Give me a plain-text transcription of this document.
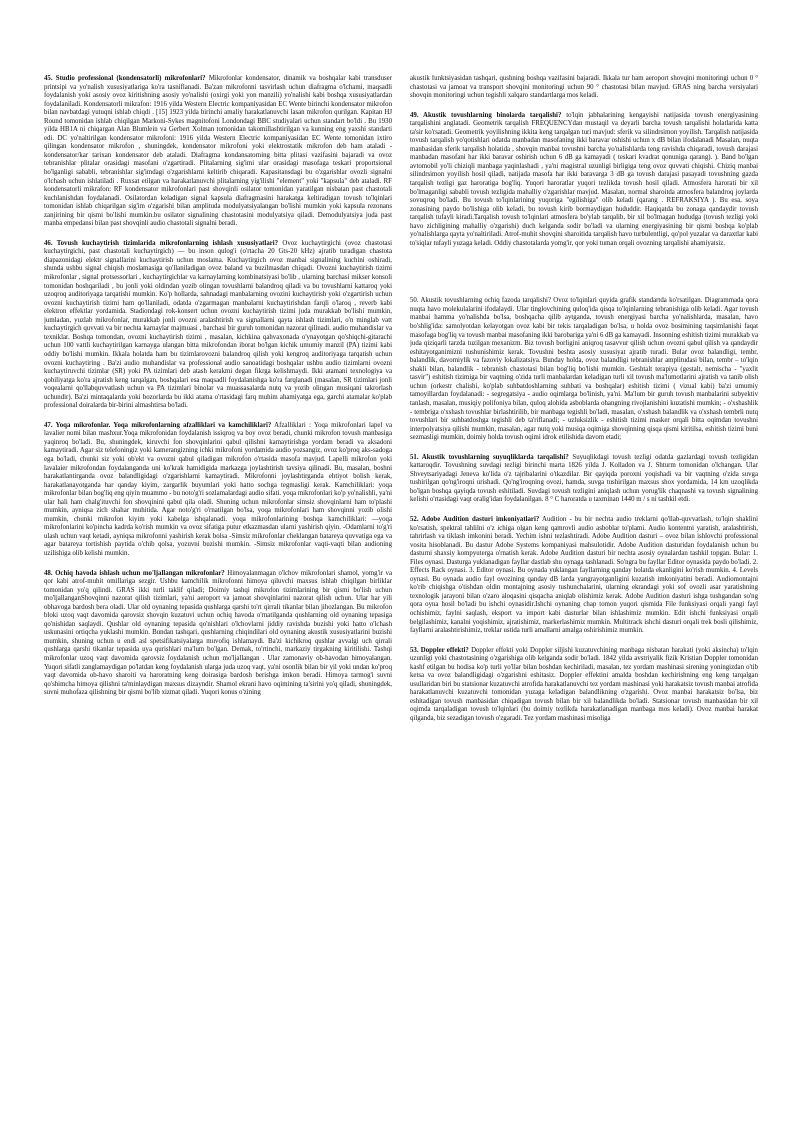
45. Studio professional (kondensatorli) mikrofonlari? Mikrofonlar kondensator, dinamik va boshqalar kabi transduser printsipi va yo'nalish xususiyatlariga ko'ra tasniflanadi. Ba'zan mikrofonni tasvirlash uchun diafragma o'lchami, maqsadli foydalanish yoki asosiy ovoz kiritishning asosiy yo'nalishi (oxirgi yoki yon manzili) yo'nalishi kabi boshqa xususiyatlardan foydalaniladi. Kondensatorli mikrafon: 1916 yilda Western Electric kompaniyasidan EC Wente birinchi kondensator mikrofon bilan navbatdagi yutuqni ishlab chiqdi . [15] 1923 yilda birinchi amaliy harakatlanuvchi lasan mikrofon qurilgan. Kapitan HJ Round tomonidan ishlab chiqilgan Markoni-Sykes magnitofoni Londondagi BBC studiyalari uchun standart bo'ldi . Bu 1930 yilda HB1A ni chiqargan Alan Blumlein va Gerbert Xolman tomonidan takomillashtirilgan va kunning eng yaxshi standarti edi. DC yo'naltirilgan kondensator mikrofoni: 1916 yilda Western Electric kompaniyasidan EC Wente tomonidan ixtiro qilingan kondensator mikrofon , shuningdek, kondensator mikrofoni yoki elektrostatik mikrofon deb ham ataladi - kondensator/kar tarixan kondensator deb ataladi. Diafragma kondansatorning bitta plitasi vazifasini bajaradi va ovoz tebranishlar plitalar orasidagi masofani o'zgartiradi. Plitalarning sig'imi ular orasidagi masofaga teskari proportsional bo'lganligi sababli, tebranishlar sig'imdagi o'zgarishlarni keltirib chiqaradi. Kapasitansdagi bu o'zgarishlar ovozli signalni o'lchash uchun ishlatiladi . Ruxsat etilgan va harakatlanuvchi plitalarning yig'ilishi "element" yoki "kapsula" deb ataladi. RF kondensatorli mikrafon: RF kondensator mikrofonlari past shovqinli osilator tomonidan yaratilgan nisbatan past chastotali kuchlanishdan foydalanadi. Osilatordan keladigan signal kapsula diafragmasini harakatga keltiradigan tovush to'lqinlari tomonidan ishlab chiqarilgan sig'im o'zgarishi bilan amplituda modulyatsiyalangan bo'lishi mumkin yoki kapsula rezonans zanjirining bir qismi bo'lishi mumkin.bu osilator signalining chastotasini modulyatsiya qiladi. Demodulyatsiya juda past manba empedansi bilan past shovqinli audio chastotali signalni beradi.

46. Tovush kuchaytirish tizimlarida mikrofonlarning ishlash xususiyatlari? Ovoz kuchaytirgichi (ovoz chastotasi kuchaytirgichi, past chastotali kuchaytirgich) — bu inson qulog'i (o'rtacha 20 Gts-20 kHz) ajratib turadigan chastota diapazonidagi elektr signallarini kuchaytirish uchun moslama. Kuchaytirgich ovoz manbai signalining kuchini oshiradi, shunda ushbu signal chiqish moslamasiga qo'llaniladigan ovoz baland va buzilmasdan chiqadi. Ovozni kuchaytirish tizimi mikrofonlar , signal protsessorlari , kuchaytirgichlar va karnaylarning kombinatsiyasi bo'lib , ularning barchasi mikser konsoli tomonidan boshqariladi , bu jonli yoki oldindan yozib olingan tovushlarni balandroq qiladi va bu tovushlarni kattaroq yoki uzoqroq auditoriyaga tarqatishi mumkin. Ko'p hollarda, sahnadagi manbalarning ovozini kuchaytirish yoki o'zgartirish uchun ovozni kuchaytirish tizimi ham qo'llaniladi, odatda o'zgarmagan manbalarni kuchaytirishdan farqli o'laroq , reverb kabi elektron effektlar yordamida. Stadiondagi rok-konsert uchun ovozni kuchaytirish tizimi juda murakkab bo'lishi mumkin, jumladan, yuzlab mikrofonlar, murakkab jonli ovozni aralashtirish va signallarni qayta ishlash tizimlari, o'n minglab vatt kuchaytirgich quvvati va bir nechta karnaylar majmuasi , barchasi bir guruh tomonidan nazorat qilinadi. audio muhandislar va texniklar. Boshqa tomondan, ovozni kuchaytirish tizimi , masalan, kichkina qahvaxonada o'ynayotgan qo'shiqchi-gitarachi uchun 100 vattli kuchaytirilgan karnayga ulangan bitta mikrofondan iborat bo'lgan kichik umumiy manzil (PA) tizimi kabi oddiy bo'lishi mumkin. Ikkala holatda ham bu tizimlarovozni balandroq qilish yoki kengroq auditoriyaga tarqatish uchun ovozni kuchaytiring . Ba'zi audio muhandislar va professional audio sanoatidagi boshqalar ushbu audio tizimlarni ovozni kuchaytiruvchi tizimlar (SR) yoki PA tizimlari deb atash kerakmi degan fikrga kelishmaydi. Ikki atamani texnologiya va qobiliyatga ko'ra ajratish keng tarqalgan, boshqalari esa maqsadli foydalanishga ko'ra farqlanadi (masalan, SR tizimlari jonli voqealarni qo'llabquvvatlash uchun va PA tizimlari binolar va muassasalarda nutq va yozib olingan musiqani takrorlash uchundir). Ba'zi mintaqalarda yoki bozorlarda bu ikki atama o'rtasidagi farq muhim ahamiyatga ega, garchi atamalar ko'plab professional doiralarda bir-birini almashtirsa bo'ladi.

47. Yoqa mikrofonlar. Yoqa mikrofonlarning afzalliklari va kamchiliklari? Afzalliklari : Yoqa mikrofonlari lapel va lavalier nomi bilan mashxur.Yoqa mikrofonidan foydalanish issiqroq va boy ovoz beradi, chunki mikrofon tovush manbasiga yaqinroq bo'ladi. Bu, shuningdek, kiruvchi fon shovqinlarini qabul qilishni kamaytirishga yordam beradi va aksadoni kamaytiradi. Agar siz telefoningiz yoki kamerangizning ichki mikrofoni yordamida audio yozsangiz, ovoz ko'proq aks-sadoga ega bo'ladi, chunki siz yoki ob'ekt va ovozni qabul qiladigan mikrofon o'rtasida masofa mavjud. Lapelli mikrofon yoki lavalaier mikrofondan foydalanganda uni ko'krak hamidigida markazga joylashtirish tavsiya qilinadi. Bu, masalan, boshni harakatlantirganda ovoz balandligidagi o'zgarishlarni kamaytiradi. Mikrofonni joylashtirganda ehtiyot bolish kerak, harakatlanayotganda har qanday kiyim, zargarlik buyumlari yoki hatto sochga tegmasligi kerak. Kamchiliklari: yoqa mikrofonlar bilan bog'liq eng qiyin muammo - bu noto'g'ri sozlamalardagi audio sifati. yoqa mikrofonlari ko'p yo'nalishli, ya'ni ular hali ham chalg'ituvchi fon shovqinini qabul qila oladi. Shuning uchun mikrofonlar simsiz shovqinlarni ham to'plashi mumkin, ayniqsa zich shahar muhitida. Agar noto'g'ri o'rnatilgan bo'lsa, yoqa mikrofonlari ham shovqinni yozib olishi mumkin, chunki mikrofon kiyim yoki kabelga ishqalanadi. yoqa mikrofonlarining boshqa kamchiliklari: —yoqa mikrofonlarini ko'pincha kadrda ko'rish mumkin va ovoz sifatiga putur etkazmasdan ularni yashirish qiyin. -Odamlarni to'g'ri ulash uchun vaqt ketadi, ayniqsa mikrofonni yashirish kerak bolsa -Simsiz mikrofonlar cheklangan batareya quvvatiga ega va agar batareya tortishish paytida o'chib qolsa, yozuvni buzishi mumkin. -Simsiz mikrofonlar vaqti-vaqti bilan audioning uzilishiga olib kelishi mumkin.

48. Ochiq havoda ishlash uchun mo'ljallangan mikrofonlar? Himoyalanmagan o'lchov mikrofonlari shamol, yomg'ir va qor kabi atrof-muhit omillariga sezgir. Ushbu kamchilik mikrofonni himoya qiluvchi maxsus ishlab chiqilgan birliklar tomonidan yo'q qilindi. GRAS ikki turli taklif qiladi; Doimiy tashqi mikrofon tizimlarining bir qismi bo'lish uchun mo'ljallanganShovqinni nazorat qilish tizimlari, ya'ni aeroport va jamoat shovqinlarini nazorat qilish uchun. Ular har yili obhavoga bardosh bera oladi. Ular old oynaning tepasida qushlarga qarshi to'rt qirrali tikanlar bilan jihozlangan. Bu mikrofon bloki uzoq vaqt davomida qarovsiz shovqin kuzatuvi uchun ochiq havoda o'rnatilganda qushlarning old oynaning tepasiga qo'nishidan saqlaydi. Qushlar old oynaning tepasida qo'nishlari o'lchovlarni jiddiy ravishda buzishi yoki hatto o'lchash uskunasini ortiqcha yuklashi mumkin. Bundan tashqari, qushlarning chiqindilari old oynaning akustik xususiyatlarini buzishi mumkin, shuning uchun u endi asl spetsifikatsiyalarga muvofiq ishlamaydi. Ba'zi kichikroq qushlar avvalgi uch qirrali qushlarga qarshi tikanlar tepasida uya qurishlari ma'lum bo'lgan. Demak, to'rtinchi, markaziy tirgakning kiritilishi. Tashqi mikrofonlar uzoq vaqt davomida qarovsiz foydalanish uchun mo'ljallangan . Ular zamonaviy ob-havodan himoyalangan. Yuqori sifatli zanglamaydigan po'latdan keng foydalanish ularga juda uzoq vaqt, ya'ni osonlik bilan bir yil yoki undan ko'proq vaqt davomida ob-havo sharoiti va haroratning keng doirasiga bardosh berishga imkon beradi. Himoya tarmog'i suvni qo'shimcha himoya qilishni ta'minlaydigan maxsus dizayndir. Shamol ekrani havo oqimining ta'sirini yo'q qiladi, shuningdek, suvni muhofaza qilishning bir qismi bo'lib xizmat qiladi. Yuqori konus o'zining

akustik funktsiyasidan tashqari, qushning boshqa vazifasini bajaradi. Ikkala tur ham aeroport shovqini monitoringi uchun 0 ° chastotasi va jamoat va transport shovqini monitoringi uchun 90 ° chastotasi bilan mavjud. GRAS ning barcha versiyalari shovqin monitoringi uchun tegishli xalqaro standartlarga mos keladi.

49. Akustik tovushlarning binolarda tarqalishi? to'lqin jabhalarining kengayishi natijasida tovush energiyasining tarqalishini anglatadi. Geometrik tarqalish FREQUENCYdan mustaqil va deyarli barcha tovush tarqalishi holatlarida katta ta'sir ko'rsatadi. Geometrik yoyilishning ikkita keng tarqalgan turi mavjud: sferik va silindrsimon yoyilish. Tarqalish natijasida tovush tarqalish yo'qotishlari odatda manbadan masofaning ikki baravar oshishi uchun x dB bilan ifodalanadi Masalan, nuqta manbasidan sferik tarqalish holatida , shovqin manbai tovushni barcha yo'nalishlarda teng ravishda chiqaradi, tovush darajasi manbadan masofani har ikki baravar oshirish uchun 6 dB ga kamayadi ( teskari kvadrat qonuniga qarang). ). Band bo'lgan avtomobil yo'li chiziqli manbaga yaqinlashadi , ya'ni magistral uzunligi birligiga teng ovoz quvvati chiqishi. Chiziq manbai silindrsimon yoyilish hosil qiladi, natijada masofa har ikki baravarga 3 dB ga tovush darajasi pasayadi tovushning gazda tarqalish tezligi gaz haroratiga bog'liq. Yuqori haroratlar yuqori tezlikda tovush hosil qiladi. Atmosfera harorati bir xil bo'lmaganligi sababli tovush tezligida mahalliy o'zgarishlar mavjud. Masalan, normal sharoitda atmosfera balandroq joylarda sovuqroq bo'ladi. Bu tovush to'lqinlarining yuqoriga "egilishiga" olib keladi (qarang . REFRAKSIYA ). Bu esa, soya zonasining paydo bo'lishiga olib keladi, bu tovush kirib bormaydigan hududdir. Haqiqatda bu zonaga qandaydir tovush tarqalish tufayli kiradi.Tarqalish tovush to'lqinlari atmosfera bo'ylab tarqalib, bir xil bo'lmagan hududga (tovush tezligi yoki havo zichligining mahalliy o'zgarishi) duch kelganda sodir bo'ladi va ularning energiyasining bir qismi boshqa ko'plab yo'nalishlarga qayta yo'naltiriladi. Atrof-muhit shovqini sharoitida tarqalish havo turbulentligi, qo'pol yuzalar va daraxtlar kabi to'siqlar tufayli yuzaga keladi. Oddiy chastotalarda yomg'ir, qor yoki tuman orqali ovozning tarqalishi ahamiyatsiz.

50. Akustik tovushlarning ochiq fazoda tarqalishi? Ovoz to'lqinlari quyida grafik standartda ko'rsatilgan. Diagrammada qora nuqta havo molekulalarini ifodalaydi. Ular tinglovchining quloq'ida qisqa to'lqinlarning tebranishiga olib keladi. Agar tovush manbai hamma yo'nalishda bo'lsa, boshqacha qilib aytganda, tovush energiyasi barcha yo'nalishlarda, masalan, havo bo'shlig'ida: samolyotdan kelayotgan ovoz kabi bir tekis tarqaladigan bo'lsa, u holda ovoz bosimining taqsimlanishi faqat masofaga bog'liq va tovush manbai masofaning ikki barobariga ya'ni 6 dB ga kamayadi. Insonning eshitish tizimi murakkab va juda qiziqarli tarzda tuzilgan mexanizm. Biz tovush borligini aniqroq tasavvur qilish uchun ovozni qabul qilish va qandaydir eshitayotganimizni tushunishimiz kerak. Tovushni beshta asosiy xususiyat ajratib turadi. Bular ovoz balandligi, tembr, balandlik, davomiylik va fazoviy lokalizatsiya. Bunday holda, ovoz balandligi tebranishlar amplitudasi bilan, tembr – to'lqin shakli bilan, balandlik - tebranish chastotasi bilan bog'liq bo'lishi mumkin. Geshtalt terapiya (gestalt, nemischa - "yaxlit tasvir") eshitish tizimiga bir vaqtning o'zida turli manbalardan keladigan turli xil tovush ma'lumotlarini ajratish va tanib olish uchun (orkestr chalishi, ko'plab suhbatdoshlarning suhbati va boshqalar) eshitish tizimi ( vizual kabi) ba'zi umumiy tamoyillardan foydalanadi: - segregatsiya - audio oqimlarga bo'linish, ya'ni. Ma'lum bir guruh tovush manbalarini subyektiv tanlash, masalan, musiqiy polifoniya bilan, quloq alohida asboblarda ohangning rivojlanishini kuzatishi mumkin; - o'xshashlik - tembriga o'xshash tovushlar birlashtirilib, bir manbaga tegishli bo'ladi, masalan, o'xshash balandlik va o'xshash tembrli nutq tovushlari bir suhbatdoshga tegishli deb ta'riflanadi; - uzluksizlik - eshitish tizimi masker orqali bitta oqimdan tovushni interpolyatsiya qilishi mumkin, masalan, agar nutq yoki musiqa oqimiga shovqinning qisqa qismi kiritilsa, eshitish tizimi buni sezmasligi mumkin, doimiy holda tovush oqimi idrok etilishida davom etadi;

51. Akustik tovushlarning suyuqliklarda tarqalishi? Suyuqlikdagi tovush tezligi odatda gazlardagi tovush tezligidan kattaroqdir. Tovushning suvdagi tezligi birinchi marta 1826 yilda J. Kolladon va J. Shturm tomonidan o'lchangan. Ular Shveytsariyadagi Jeneva ko'lida o'z tajribalarini o'tkazdilar. Bir qayiqda poroxni yoqishadi va bir vaqtning o'zida suvga tushirilgan qo'ng'iroqni urishadi. Qo'ng'iroqning ovozi, hamda, suvga tushirilgan maxsus shox yordamida, 14 km uzoqlikda bo'lgan boshqa qayiqda tovush eshitiladi. Suvdagi tovush tezligini aniqlash uchun yorug'lik chaqnashi va tovush signalining kelishi o'rtasidagi vaqt oralig'idan foydalanilgan. 8 ° C haroratda u taxminan 1440 m / s ni tashkil etdi.

52. Adobe Audition dasturi imkoniyatlari? Audition - bu bir nechta audio treklarni qo'llab-quvvatlash, to'lqin shaklini ko'rsatish, spektral tahlilni o'z ichiga olgan keng qamrovli audio asboblar to'plami. Audio kontentni yaratish, aralashtirish, tahrirlash va tiklash imkonini beradi. Yechim ishni tezlashtiradi. Adobe Audition dasturi – ovoz bilan ishlovchi professional vosita hisoblanadi. Bu dastur Adobe Systems kompaniyasi mahsulotidir. Adobe Audition dasturidan foydalanish uchun bu dasturni shaxsiy kompyuterga o'rnatish kerak. Adobe Audition dasturi bir nechta asosiy oynalardan tashkil topgan. Bular: 1. Files oynasi. Dasturga yuklanadigan fayllar dastlab shu oynaga tashlanadi. So'ngra bu fayllar Editor oynasida paydo bo'ladi. 2. Effects Rack oynasi. 3. Editor oynasi. Bu oynada yuklangan fayllarning qanday holatda ekanligini ko'rish mumkin. 4. Levels oynasi. Bu oynada audio fayl ovozining qanday dB larda yangrayotganligini kuzatish imkoniyatini beradi. Audiomontajni ko'rib chiqishga o'tishdan oldin montajning asosiy tushunchalarini, ularning ekrandagi yoki sof ovozli asar yaratishning texnologik jarayoni bilan o'zaro aloqasini qisqacha aniqlab olishimiz kerak. Adobe Audition dasturi ishga tushgandan so'ng qora oyna hosil bo'ladi bu ishchi oynasidir.Ishchi oynaning chap tomon yuqori qismida File funksiyasi orqali yangi fayl ochishimiz, faylni saqlash, eksport va import kabi dasturlar bilan ishlashimiz mumkin. Edit ishchi funksiyasi orqali belgilashimiz, kanalni yoqishimiz, ajratishimiz, markerlashimiz mumkin. Multitrack ishchi dasturi orqali trek bosli qilishimiz, fayllarni aralashtirishimiz, treklar ustida turli amallarni amalga oshirishimiz mumkin.

53. Doppler effekti? Doppler effekti yoki Doppler siljishi kuzatuvchining manbaga nisbatan harakati (yoki aksincha) to'lqin uzunligi yoki chastotasining o'zgarishiga olib kelganda sodir bo'ladi. 1842 yilda avstriyalik fizik Kristian Doppler tomonidan kashf etilgan bu hodisa ko'p turli yo'llar bilan boshdan kechiriladi, masalan, tez yordam mashinasi sirening yoningizdan o'tib ketsa va ovoz balandligidagi o'zgarishni eshitasiz. Doppler effektini amalda boshdan kechirishning eng keng tarqalgan usullaridan biri bu statsionar kuzatuvchi atrofida harakatlanuvchi tez yordam mashinasi yoki harakatsiz tovush manbai atrofida harakatlanuvchi kuzatuvchi tomonidan yuzaga keladigan balandlikning o'zgarishi. Ovoz manbai harakatsiz bo'lsa, biz eshitadigan tovush manbasidan chiqadigan tovush bilan bir xil balandlikda bo'ladi. Statsionar tovush manbasidan bir xil oqimda tarqaladigan tovush to'lqinlari (bu doimiy tezlikda harakatlanadigan manbaga mos keladi). Ovoz manbai harakat qilganda, biz sezadigan tovush o'zgaradi. Tez yordam mashinasi misoliga
